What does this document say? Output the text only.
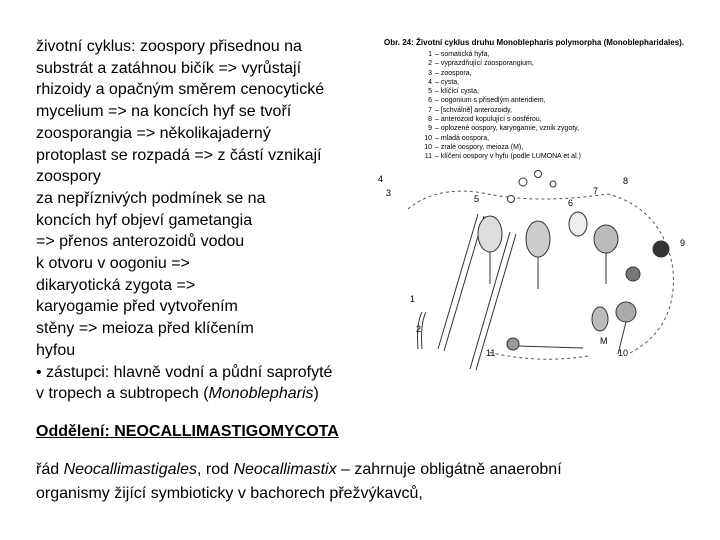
životní cyklus: zoospory přisednou na
substrát a zatáhnou bičík => vyrůstají
rhizoidy a opačným směrem cenocytické
mycelium => na koncích hyf se tvoří
zoosporangia => několikajaderný
protoplast se rozpadá => z částí vznikají
zoospory
za nepříznivých podmínek se na
koncích hyf objeví gametangia
=> přenos anterozoidů vodou
k otvoru v oogoniu =>
dikaryotická zygota =>
karyogamie před vytvořením
stěny => meioza před klíčením
hyfou
• zástupci: hlavně vodní a půdní saprofyté
v tropech a subtropech (Monoblepharis)
4
3
1
2
5	6
7
8
9
10
11
M
Obr. 24: Životní cyklus druhu Monoblepharis polymorpha (Monoblepharidales).
1 – somatická hyfa,
2 – vyprazdňující zoosporangium,
3 – zoospora,
4 – cysta,
5 – klíčící cysta,
6 – oogonium s přisedlým anteridiem,
7 – [schválně] anterozoidy,
8 – anterozoid kopulující s oosférou,
9 – oplozené oospory, karyogamie, vznik zygoty,
10 – mladá oospora,
10 – zralé oospory, meioza (M),
11 – klíčení oospory v hyfu (podle LUMONA et al.)
Oddělení: NEOCALLIMASTIGOMYCOTA
řád Neocallimastigales, rod Neocallimastix – zahrnuje obligátně anaerobní
organismy žijící symbioticky v bachorech přežvýkavců,
